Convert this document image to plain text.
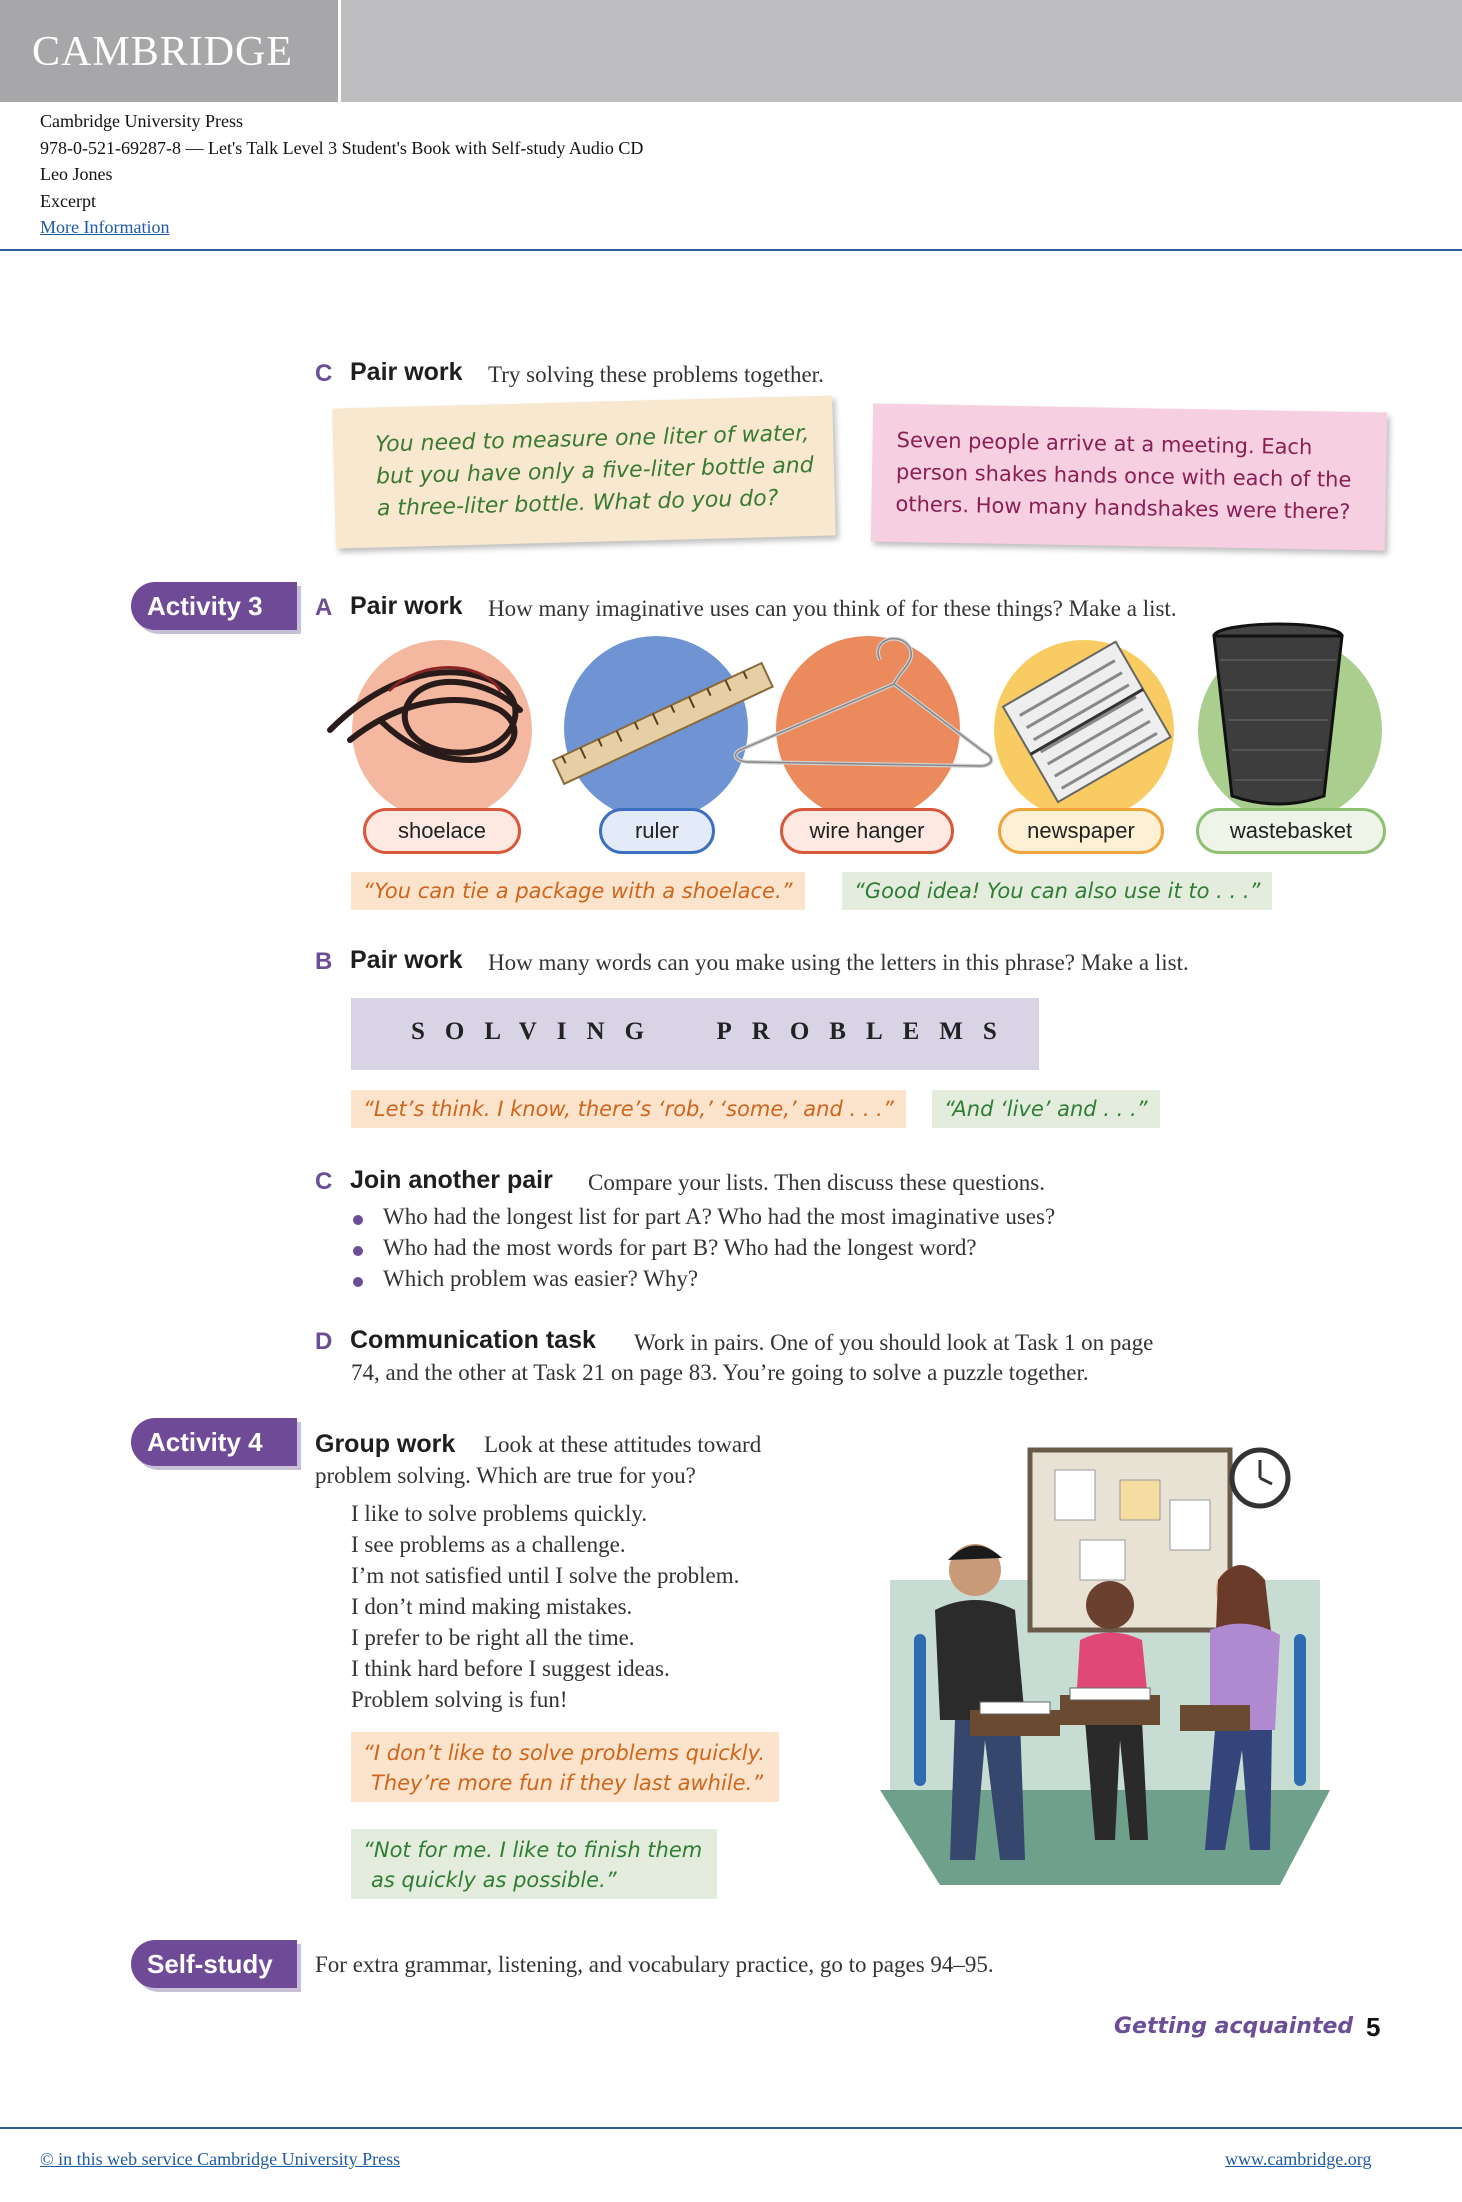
CAMBRIDGE
Cambridge University Press
978-0-521-69287-8 — Let's Talk Level 3 Student's Book with Self-study Audio CD
Leo Jones
Excerpt
More Information
C Pair work Try solving these problems together.
You need to measure one liter of water,
but you have only a five-liter bottle and
a three-liter bottle. What do you do?
Seven people arrive at a meeting. Each
person shakes hands once with each of the
others. How many handshakes were there?
Activity 3	A Pair work How many imaginative uses can you think of for these things? Make a list.
shoelace	ruler	wire hanger	newspaper	wastebasket
“You can tie a package with a shoelace.”	“Good idea! You can also use it to . . .”
B Pair work How many words can you make using the letters in this phrase? Make a list.
SOLVING  PROBLEMS
“Let’s think. I know, there’s ‘rob,’ ‘some,’ and . . .”	“And ‘live’ and . . .”
C Join another pair Compare your lists. Then discuss these questions.
Who had the longest list for part A? Who had the most imaginative uses?
Who had the most words for part B? Who had the longest word?
Which problem was easier? Why?
D Communication task Work in pairs. One of you should look at Task 1 on page
74, and the other at Task 21 on page 83. You’re going to solve a puzzle together.
Activity 4	Group work Look at these attitudes toward
problem solving. Which are true for you?
I like to solve problems quickly.
I see problems as a challenge.
I’m not satisfied until I solve the problem.
I don’t mind making mistakes.
I prefer to be right all the time.
I think hard before I suggest ideas.
Problem solving is fun!
“I don’t like to solve problems quickly.
They’re more fun if they last awhile.”
“Not for me. I like to finish them
as quickly as possible.”
Self-study	For extra grammar, listening, and vocabulary practice, go to pages 94–95.
Getting acquainted 5
© in this web service Cambridge University Press	www.cambridge.org
